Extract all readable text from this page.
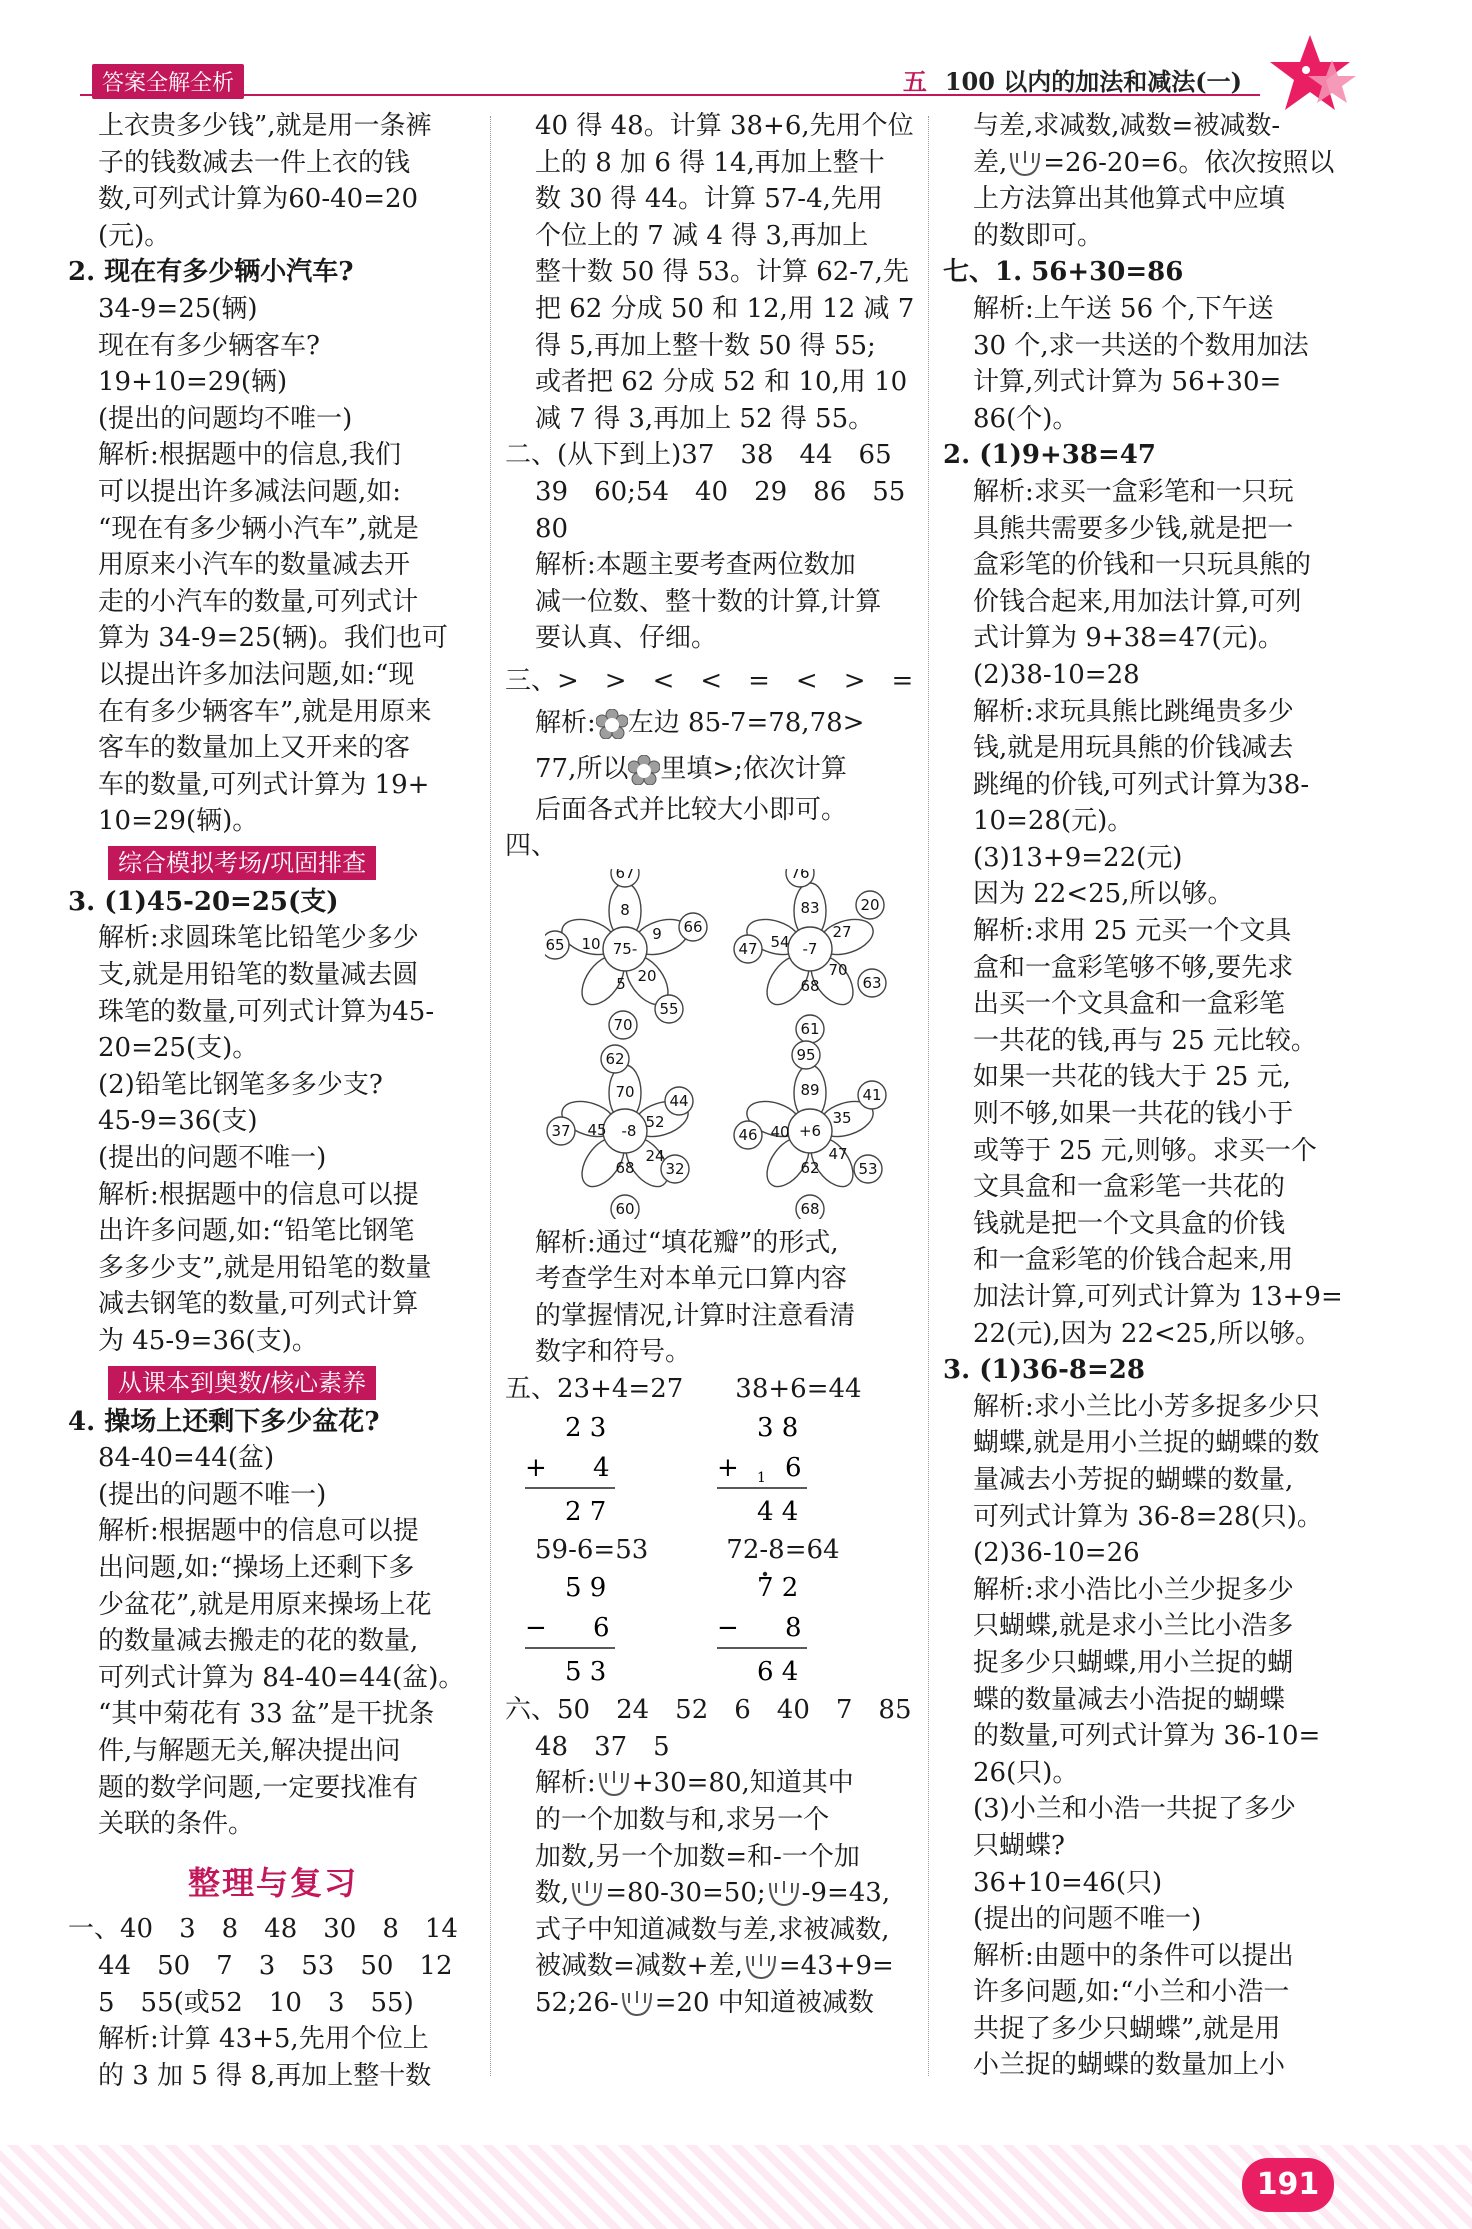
答案全解全析	五 100 以内的加法和减法(一)

上衣贵多少钱”,就是用一条裤

子的钱数减去一件上衣的钱

数,可列式计算为60-40=20(元)。

2. 现在有多少辆小汽车?

34-9=25(辆)

现在有多少辆客车?

19+10=29(辆)

(提出的问题均不唯一)

解析:根据题中的信息,我们

可以提出许多减法问题,如:

“现在有多少辆小汽车”,就是

用原来小汽车的数量减去开

走的小汽车的数量,可列式计

算为 34-9=25(辆)。我们也可

以提出许多加法问题,如:“现

在有多少辆客车”,就是用原来

客车的数量加上又开来的客

车的数量,可列式计算为 19+

10=29(辆)。

综合模拟考场/巩固排查

3. (1)45-20=25(支)

解析:求圆珠笔比铅笔少多少

支,就是用铅笔的数量减去圆

珠笔的数量,可列式计算为45-

20=25(支)。

(2)铅笔比钢笔多多少支?

45-9=36(支)

(提出的问题不唯一)

解析:根据题中的信息可以提

出许多问题,如:“铅笔比钢笔

多多少支”,就是用铅笔的数量

减去钢笔的数量,可列式计算

为 45-9=36(支)。

从课本到奥数/核心素养

4. 操场上还剩下多少盆花?

84-40=44(盆)

(提出的问题不唯一)

解析:根据题中的信息可以提

出问题,如:“操场上还剩下多

少盆花”,就是用原来操场上花

的数量减去搬走的花的数量,

可列式计算为 84-40=44(盆)。

“其中菊花有 33 盆”是干扰条

件,与解题无关,解决提出问

题的数学问题,一定要找准有

关联的条件。

整理与复习

一、40　3　8　48　30　8　14

44　50　7　3　53　50　12

5　55(或52　10　3　55)

解析:计算 43+5,先用个位上

的 3 加 5 得 8,再加上整十数

40 得 48。计算 38+6,先用个位

上的 8 加 6 得 14,再加上整十

数 30 得 44。计算 57-4,先用

个位上的 7 减 4 得 3,再加上

整十数 50 得 53。计算 62-7,先

把 62 分成 50 和 12,用 12 减 7

得 5,再加上整十数 50 得 55;

或者把 62 分成 52 和 10,用 10

减 7 得 3,再加上 52 得 55。

二、(从下到上)37　38　44　65

39　60;54　40　29　86　55

80

解析:本题主要考查两位数加

减一位数、整十数的计算,计算

要认真、仔细。

三、>　>　<　<　=　<　>　=

解析: 左边 85-7=78,78>

77,所以 里填>;依次计算

后面各式并比较大小即可。

四、

75-
67
8
9 66
20
55
70
5
65 10	-7
76
83	20
27
70
63
68
61
54
47
-8
62
70 44
52
24
32
68
60
45
37	+6
95
89	41
35
47
53
62
68
40
46

解析:通过“填花瓣”的形式,

考查学生对本单元口算内容

的掌握情况,计算时注意看清

数字和符号。

五、23+4=27　　38+6=44

2 3
+ 4
2 7
3 8
+ 1 6
4 4

59-6=53　　　72-8=64

5 9
− 6
5 3
7 2
− 8
6 4

六、50　24　52　6　40　7　85

48　37　5

解析: +30=80,知道其中

的一个加数与和,求另一个

加数,另一个加数=和-一个加

数, =80-30=50; -9=43,

式子中知道减数与差,求被减数,

被减数=减数+差, =43+9=

52;26- =20 中知道被减数

与差,求减数,减数=被减数-

差, =26-20=6。依次按照以

上方法算出其他算式中应填

的数即可。

七、1. 56+30=86

解析:上午送 56 个,下午送

30 个,求一共送的个数用加法

计算,列式计算为 56+30=

86(个)。

2. (1)9+38=47

解析:求买一盒彩笔和一只玩

具熊共需要多少钱,就是把一

盒彩笔的价钱和一只玩具熊的

价钱合起来,用加法计算,可列

式计算为 9+38=47(元)。

(2)38-10=28

解析:求玩具熊比跳绳贵多少

钱,就是用玩具熊的价钱减去

跳绳的价钱,可列式计算为38-

10=28(元)。

(3)13+9=22(元)

因为 22<25,所以够。

解析:求用 25 元买一个文具

盒和一盒彩笔够不够,要先求

出买一个文具盒和一盒彩笔

一共花的钱,再与 25 元比较。

如果一共花的钱大于 25 元,

则不够,如果一共花的钱小于

或等于 25 元,则够。求买一个

文具盒和一盒彩笔一共花的

钱就是把一个文具盒的价钱

和一盒彩笔的价钱合起来,用

加法计算,可列式计算为 13+9=

22(元),因为 22<25,所以够。

3. (1)36-8=28

解析:求小兰比小芳多捉多少只

蝴蝶,就是用小兰捉的蝴蝶的数

量减去小芳捉的蝴蝶的数量,

可列式计算为 36-8=28(只)。

(2)36-10=26

解析:求小浩比小兰少捉多少

只蝴蝶,就是求小兰比小浩多

捉多少只蝴蝶,用小兰捉的蝴

蝶的数量减去小浩捉的蝴蝶

的数量,可列式计算为 36-10=

26(只)。

(3)小兰和小浩一共捉了多少

只蝴蝶?

36+10=46(只)

(提出的问题不唯一)

解析:由题中的条件可以提出

许多问题,如:“小兰和小浩一

共捉了多少只蝴蝶”,就是用

小兰捉的蝴蝶的数量加上小

191
